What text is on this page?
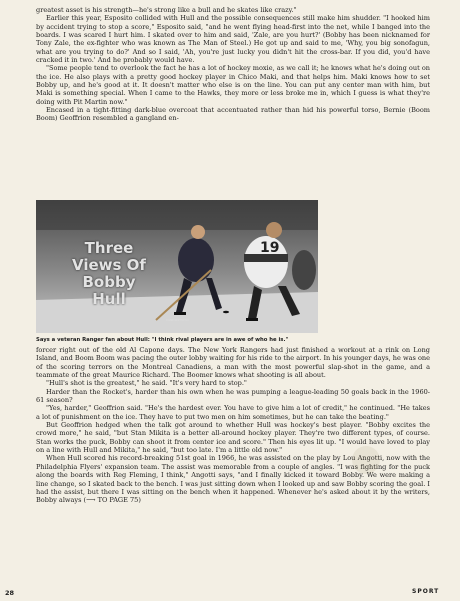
greatest asset is his strength—he's strong like a bull and he skates like crazy."

Earlier this year, Esposito collided with Hull and the possible consequences still make him shudder. "I hooked him by accident trying to stop a score," Esposito said, "and he went flying head-first into the net, while I banged into the boards. I was scared I hurt him. I skated over to him and said, 'Zale, are you hurt?' (Bobby has been nicknamed for Tony Zale, the ex-fighter who was known as The Man of Steel.) He got up and said to me, 'Why, you big sonofagun, what are you trying to do?' And so I said, 'Ah, you're just lucky you didn't hit the cross-bar. If you did, you'd have cracked it in two.' And he probably would have.

"Some people tend to overlook the fact he has a lot of hockey moxie, as we call it; he knows what he's doing out on the ice. He also plays with a pretty good hockey player in Chico Maki, and that helps him. Maki knows how to set Bobby up, and he's good at it. It doesn't matter who else is on the line. You can put any center man with him, but Maki is something special. When I came to the Hawks, they more or less broke me in, which I guess is what they're doing with Pit Martin now."

Encased in a tight-fitting dark-blue overcoat that accentuated rather than hid his powerful torso, Bernie (Boom Boom) Geoffrion resembled a gangland en-

19
Three Views Of Bobby Hull
CANDIDPHOTO
Says a veteran Ranger fan about Hull: "I think rival players are in awe of who he is."

forcer right out of the old Al Capone days. The New York Rangers had just finished a workout at a rink on Long Island, and Boom Boom was pacing the outer lobby waiting for his ride to the airport. In his younger days, he was one of the scoring terrors on the Montreal Canadiens, a man with the most powerful slap-shot in the game, and a teammate of the great Maurice Richard. The Boomer knows what shooting is all about.

"Hull's shot is the greatest," he said. "It's very hard to stop."

Harder than the Rocket's, harder than his own when he was pumping a league-leading 50 goals back in the 1960-61 season?

"Yes, harder," Geoffrion said. "He's the hardest ever. You have to give him a lot of credit," he continued. "He takes a lot of punishment on the ice. They have to put two men on him sometimes, but he can take the beating."

But Geoffrion hedged when the talk got around to whether Hull was hockey's best player. "Bobby excites the crowd more," he said, "but Stan Mikita is a better all-around hockey player. They're two different types, of course. Stan works the puck, Bobby can shoot it from center ice and score." Then his eyes lit up. "I would have loved to play on a line with Hull and Mikita," he said, "but too late. I'm a little old now."

When Hull scored his record-breaking 51st goal in 1966, he was assisted on the play by Lou Angotti, now with the Philadelphia Flyers' expansion team. The assist was memorable from a couple of angles. "I was fighting for the puck along the boards with Reg Fleming, I think," Angotti says, "and I finally kicked it toward Bobby. We were making a line change, so I skated back to the bench. I was just sitting down when I looked up and saw Bobby scoring the goal. I had the assist, but there I was sitting on the bench when it happened. Whenever he's asked about it by the writers, Bobby always (⟶ TO PAGE 75)

28	SPORT
